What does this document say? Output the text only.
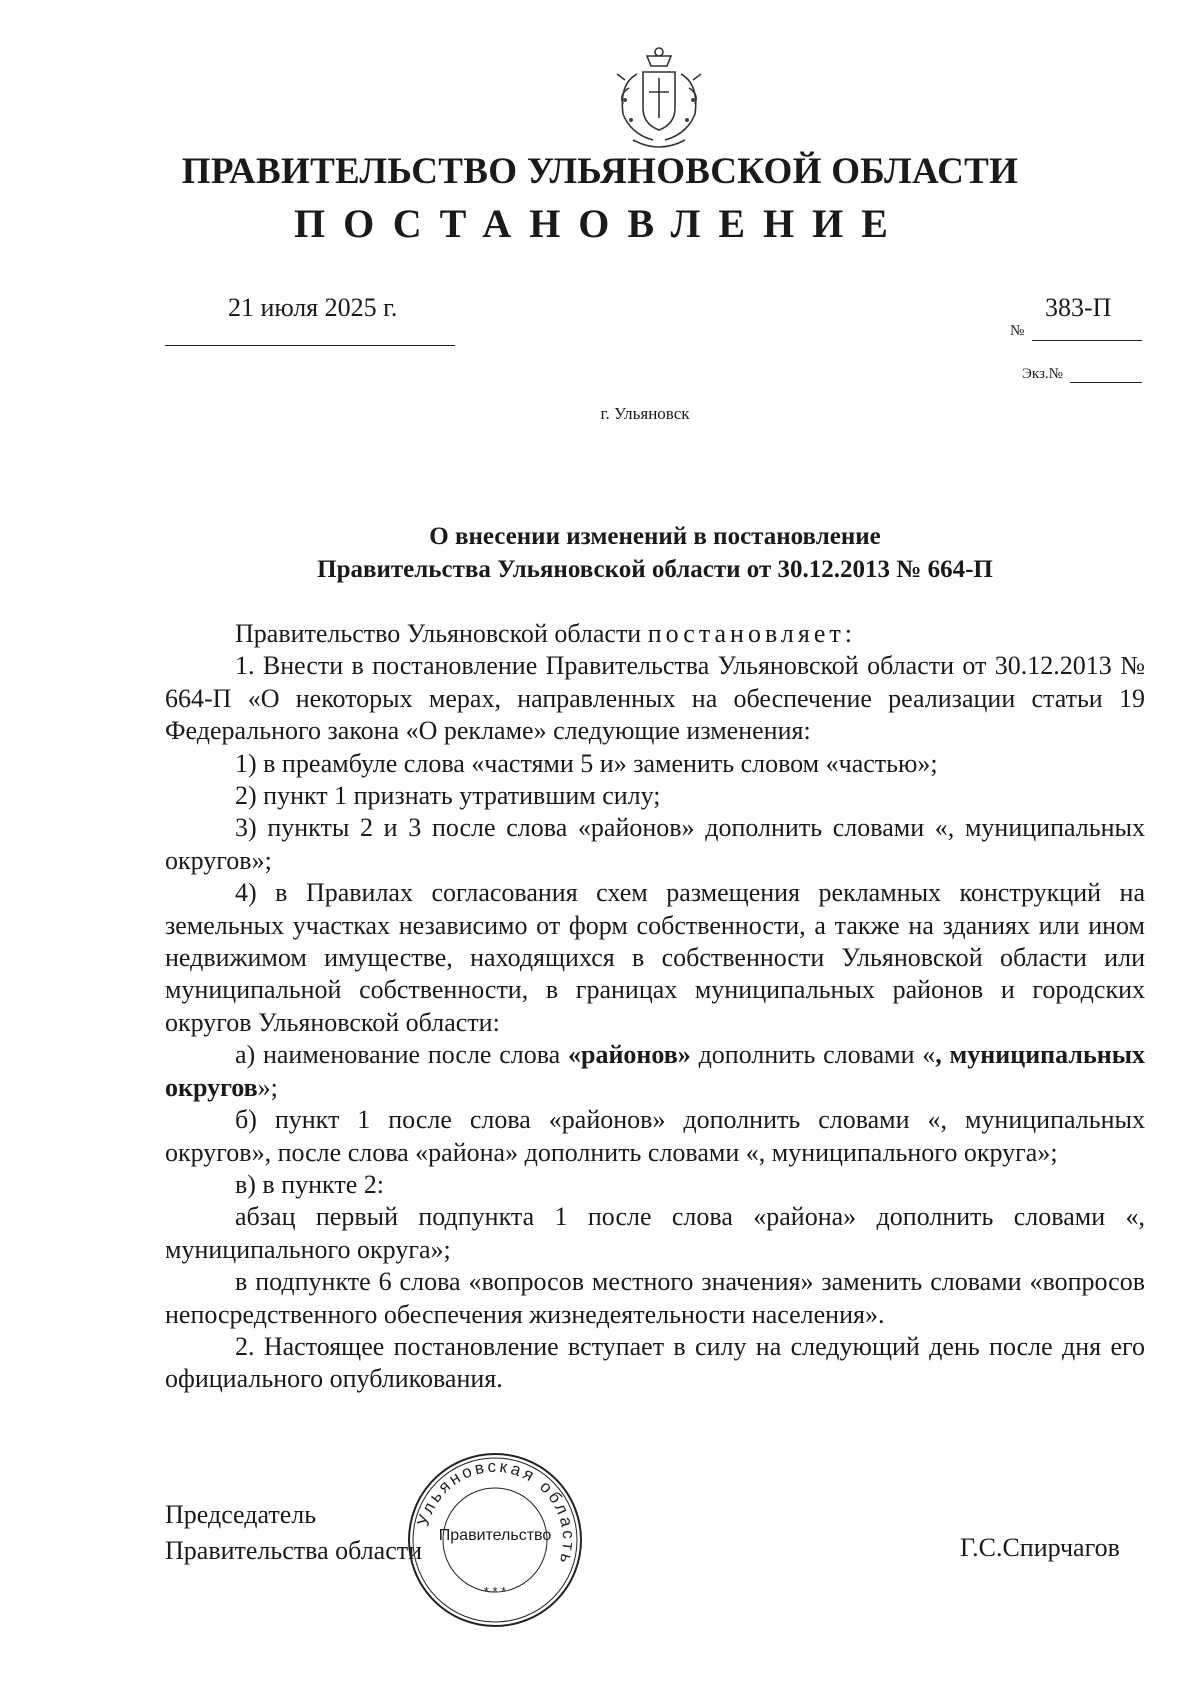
ПРАВИТЕЛЬСТВО УЛЬЯНОВСКОЙ ОБЛАСТИ
ПОСТАНОВЛЕНИЕ
21 июля 2025 г.	383-П
№
Экз.№
г. Ульяновск
О внесении изменений в постановление
Правительства Ульяновской области от 30.12.2013 № 664-П

Правительство Ульяновской области постановляет:

1. Внести в постановление Правительства Ульяновской области от 30.12.2013 № 664-П «О некоторых мерах, направленных на обеспечение реализации статьи 19 Федерального закона «О рекламе» следующие изменения:

1) в преамбуле слова «частями 5 и» заменить словом «частью»;

2) пункт 1 признать утратившим силу;

3) пункты 2 и 3 после слова «районов» дополнить словами «, муниципальных округов»;

4) в Правилах согласования схем размещения рекламных конструкций на земельных участках независимо от форм собственности, а также на зданиях или ином недвижимом имуществе, находящихся в собственности Ульяновской области или муниципальной собственности, в границах муниципальных районов и городских округов Ульяновской области:

а) наименование после слова «районов» дополнить словами «, муниципальных округов»;

б) пункт 1 после слова «районов» дополнить словами «, муниципальных округов», после слова «района» дополнить словами «, муниципального округа»;

в) в пункте 2:

абзац первый подпункта 1 после слова «района» дополнить словами «, муниципального округа»;

в подпункте 6 слова «вопросов местного значения» заменить словами «вопросов непосредственного обеспечения жизнедеятельности населения».

2. Настоящее постановление вступает в силу на следующий день после дня его официального опубликования.

Председатель
Правительства области
Ульяновская область
* * *
Правительство	Г.С.Спирчагов
